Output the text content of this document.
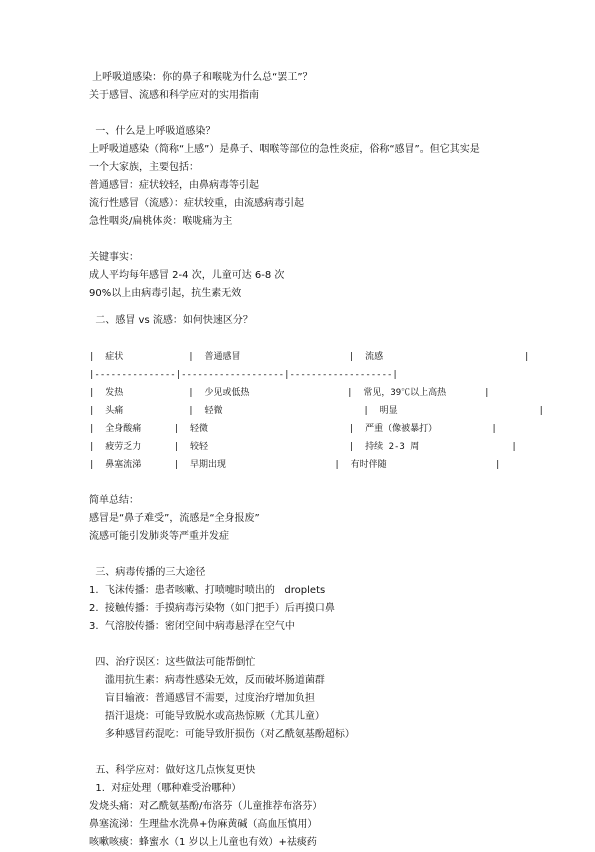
上呼吸道感染：你的鼻子和喉咙为什么总“罢工”？
关于感冒、流感和科学应对的实用指南
一、什么是上呼吸道感染？
上呼吸道感染（简称“上感”）是鼻子、咽喉等部位的急性炎症，俗称“感冒”。但它其实是
一个大家族，主要包括：
普通感冒：症状较轻，由鼻病毒等引起
流行性感冒（流感）：症状较重，由流感病毒引起
急性咽炎/扁桃体炎：喉咙痛为主
关键事实：
成人平均每年感冒 2-4 次，儿童可达 6-8 次
90%以上由病毒引起，抗生素无效
二、感冒 vs 流感：如何快速区分？
|  症状            |  普通感冒                    |  流感                          |
|---------------|-------------------|-------------------|
|  发热            |  少见或低热                  |  常见，39℃以上高热       |
|  头痛            |  轻微                          |  明显                          |
|  全身酸痛      |  轻微                          |  严重（像被暴打）          |
|  疲劳乏力      |  较轻                          |  持续 2-3 周                 |
|  鼻塞流涕      |  早期出现                    |  有时伴随                    |
简单总结：
感冒是“鼻子难受”，流感是“全身报废”
流感可能引发肺炎等严重并发症
三、病毒传播的三大途径
1.  飞沫传播：患者咳嗽、打喷嚏时喷出的   droplets
2.  接触传播：手摸病毒污染物（如门把手）后再摸口鼻
3.  气溶胶传播：密闭空间中病毒悬浮在空气中
四、治疗误区：这些做法可能帮倒忙
滥用抗生素：病毒性感染无效，反而破坏肠道菌群
盲目输液：普通感冒不需要，过度治疗增加负担
捂汗退烧：可能导致脱水或高热惊厥（尤其儿童）
多种感冒药混吃：可能导致肝损伤（对乙酰氨基酚超标）
五、科学应对：做好这几点恢复更快
1.  对症处理（哪种难受治哪种）
发烧头痛：对乙酰氨基酚/布洛芬（儿童推荐布洛芬）
鼻塞流涕：生理盐水洗鼻+伪麻黄碱（高血压慎用）
咳嗽咳痰：蜂蜜水（1 岁以上儿童也有效）+祛痰药
